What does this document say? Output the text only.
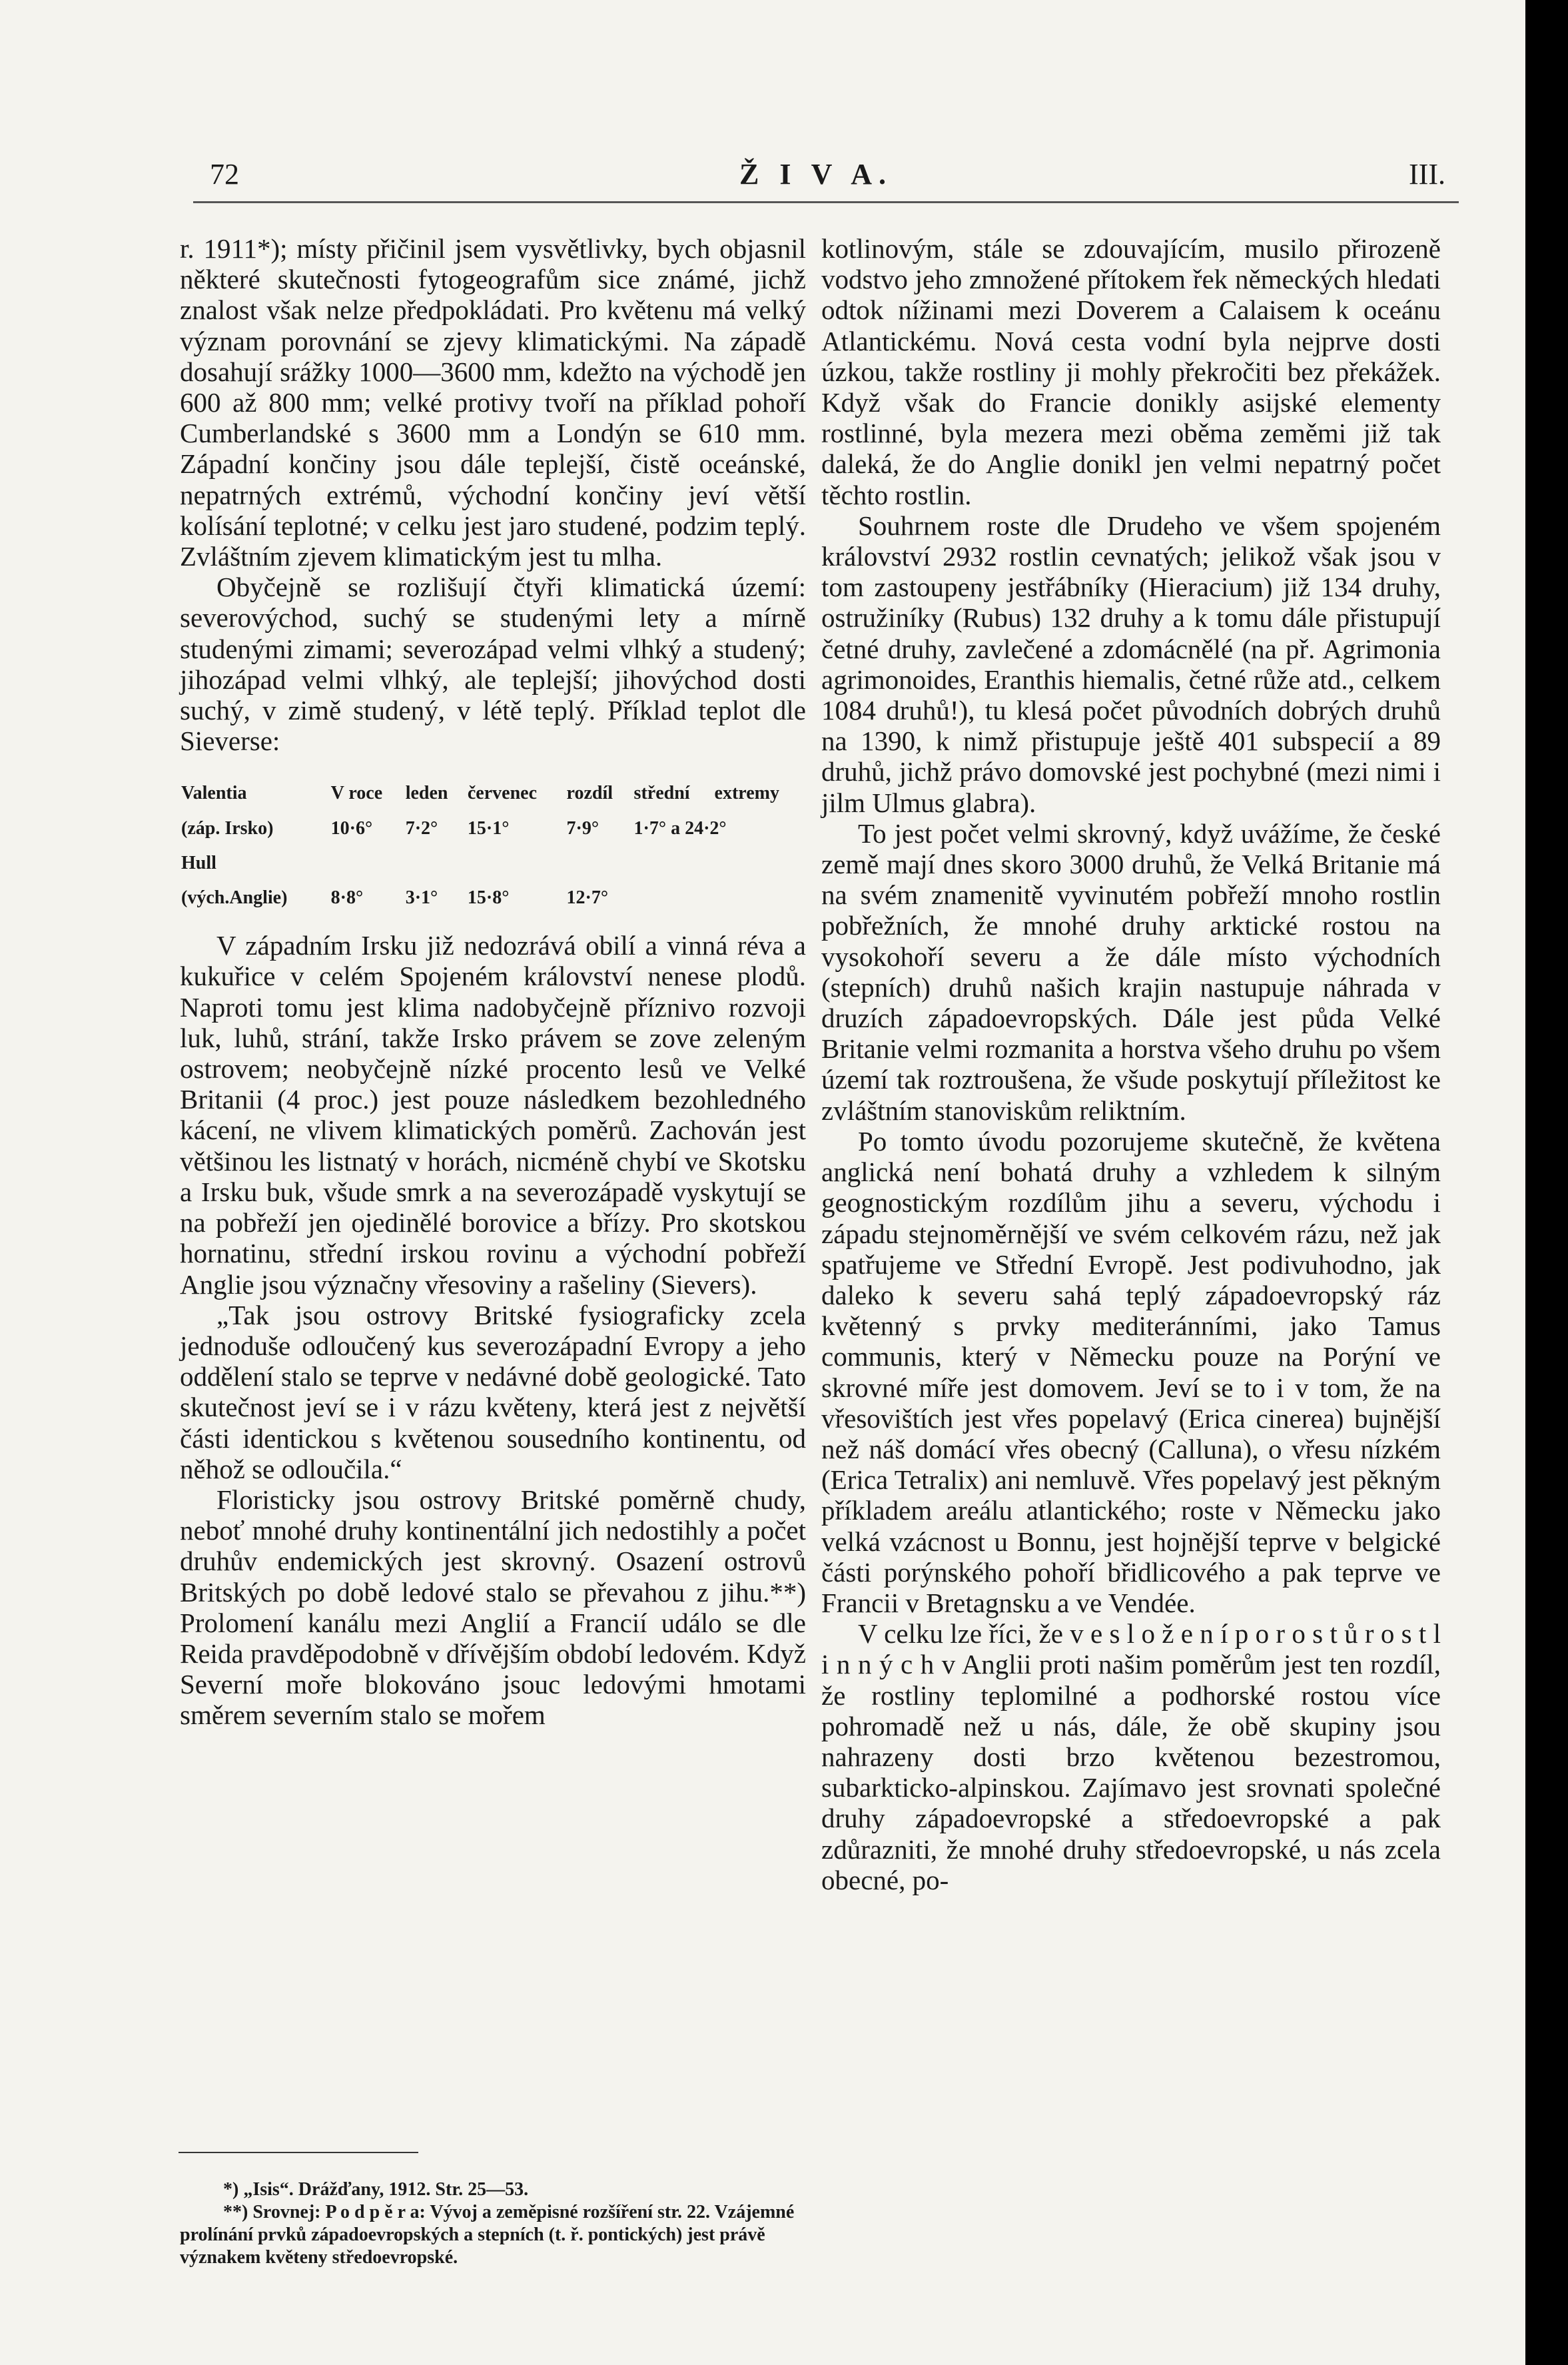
72	Ž I V A.	III.

r. 1911*); místy přičinil jsem vysvětlivky, bych objasnil některé skutečnosti fytogeografům sice známé, jichž znalost však nelze předpokládati. Pro květenu má velký význam porovnání se zjevy klimatickými. Na západě dosahují srážky 1000—3600 mm, kdežto na východě jen 600 až 800 mm; velké protivy tvoří na příklad pohoří Cumberlandské s 3600 mm a Londýn se 610 mm. Západní končiny jsou dále teplejší, čistě oceánské, nepatrných extrémů, východní končiny jeví větší kolísání teplotné; v celku jest jaro studené, podzim teplý. Zvláštním zjevem klimatickým jest tu mlha.

Obyčejně se rozlišují čtyři klimatická území: severovýchod, suchý se studenými lety a mírně studenými zimami; severozápad velmi vlhký a studený; jihozápad velmi vlhký, ale teplejší; jihovýchod dosti suchý, v zimě studený, v létě teplý. Příklad teplot dle Sieverse:

Valentia	V roce	leden	červenec	rozdíl	střední	extremy
(záp. Irsko)	10·6°	7·2°	15·1°	7·9°	1·7° a 24·2°	
Hull						
(vých.Anglie)	8·8°	3·1°	15·8°	12·7°		

V západním Irsku již nedozrává obilí a vinná réva a kukuřice v celém Spojeném království nenese plodů. Naproti tomu jest klima nadobyčejně příznivo rozvoji luk, luhů, strání, takže Irsko právem se zove zeleným ostrovem; neobyčejně nízké procento lesů ve Velké Britanii (4 proc.) jest pouze následkem bezohledného kácení, ne vlivem klimatických poměrů. Zachován jest většinou les listnatý v horách, nicméně chybí ve Skotsku a Irsku buk, všude smrk a na severozápadě vyskytují se na pobřeží jen ojedinělé borovice a břízy. Pro skotskou hornatinu, střední irskou rovinu a východní pobřeží Anglie jsou význačny vřesoviny a rašeliny (Sievers).

„Tak jsou ostrovy Britské fysiograficky zcela jednoduše odloučený kus severozápadní Evropy a jeho oddělení stalo se teprve v nedávné době geologické. Tato skutečnost jeví se i v rázu květeny, která jest z největší části identickou s květenou sousedního kontinentu, od něhož se odloučila.“

Floristicky jsou ostrovy Britské poměrně chudy, neboť mnohé druhy kontinentální jich nedostihly a počet druhův endemických jest skrovný. Osazení ostrovů Britských po době ledové stalo se převahou z jihu.**) Prolomení kanálu mezi Anglií a Francií událo se dle Reida pravděpodobně v dřívějším období ledovém. Když Severní moře blokováno jsouc ledovými hmotami směrem severním stalo se mořem

*) „Isis“. Drážďany, 1912. Str. 25—53.
**) Srovnej: P o d p ě r a: Vývoj a zeměpisné rozšíření str. 22. Vzájemné prolínání prvků západoevropských a stepních (t. ř. pontických) jest právě význakem květeny středoevropské.

kotlinovým, stále se zdouvajícím, musilo přirozeně vodstvo jeho zmnožené přítokem řek německých hledati odtok nížinami mezi Doverem a Calaisem k oceánu Atlantickému. Nová cesta vodní byla nejprve dosti úzkou, takže rostliny ji mohly překročiti bez překážek. Když však do Francie donikly asijské elementy rostlinné, byla mezera mezi oběma zeměmi již tak daleká, že do Anglie donikl jen velmi nepatrný počet těchto rostlin.

Souhrnem roste dle Drudeho ve všem spojeném království 2932 rostlin cevnatých; jelikož však jsou v tom zastoupeny jestřábníky (Hieracium) již 134 druhy, ostružiníky (Rubus) 132 druhy a k tomu dále přistupují četné druhy, zavlečené a zdomácnělé (na př. Agrimonia agrimonoides, Eranthis hiemalis, četné růže atd., celkem 1084 druhů!), tu klesá počet původních dobrých druhů na 1390, k nimž přistupuje ještě 401 subspecií a 89 druhů, jichž právo domovské jest pochybné (mezi nimi i jilm Ulmus glabra).

To jest počet velmi skrovný, když uvážíme, že české země mají dnes skoro 3000 druhů, že Velká Britanie má na svém znamenitě vyvinutém pobřeží mnoho rostlin pobřežních, že mnohé druhy arktické rostou na vysokohoří severu a že dále místo východních (stepních) druhů našich krajin nastupuje náhrada v druzích západoevropských. Dále jest půda Velké Britanie velmi rozmanita a horstva všeho druhu po všem území tak roztroušena, že všude poskytují příležitost ke zvláštním stanoviskům reliktním.

Po tomto úvodu pozorujeme skutečně, že květena anglická není bohatá druhy a vzhledem k silným geognostickým rozdílům jihu a severu, východu i západu stejnoměrnější ve svém celkovém rázu, než jak spatřujeme ve Střední Evropě. Jest podivuhodno, jak daleko k severu sahá teplý západoevropský ráz květenný s prvky mediteránními, jako Tamus communis, který v Německu pouze na Porýní ve skrovné míře jest domovem. Jeví se to i v tom, že na vřesovištích jest vřes popelavý (Erica cinerea) bujnější než náš domácí vřes obecný (Calluna), o vřesu nízkém (Erica Tetralix) ani nemluvě. Vřes popelavý jest pěkným příkladem areálu atlantického; roste v Německu jako velká vzácnost u Bonnu, jest hojnější teprve v belgické části porýnského pohoří břidlicového a pak teprve ve Francii v Bretagnsku a ve Vendée.

V celku lze říci, že v e s l o ž e n í p o r o s t ů r o s t l i n n ý c h v Anglii proti našim poměrům jest ten rozdíl, že rostliny teplomilné a podhorské rostou více pohromadě než u nás, dále, že obě skupiny jsou nahrazeny dosti brzo květenou bezestromou, subarkticko-alpinskou. Zajímavo jest srovnati společné druhy západoevropské a středoevropské a pak zdůrazniti, že mnohé druhy středoevropské, u nás zcela obecné, po-
